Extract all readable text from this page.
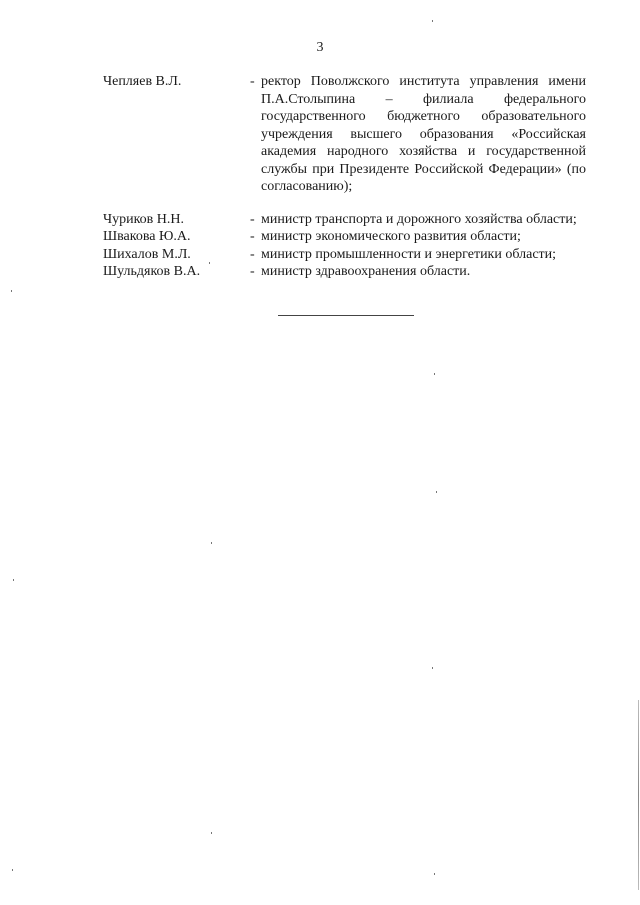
3
Чепляев В.Л.	- ректор Поволжского института управления имени П.А.Столыпина – филиала федерального государственного бюджетного образовательного учреждения высшего образования «Российская академия народного хозяйства и государственной службы при Президенте Российской Федерации» (по согласованию);
Чуриков Н.Н.	- министр транспорта и дорожного хозяйства области;
Швакова Ю.А.	- министр экономического развития области;
Шихалов М.Л.	- министр промышленности и энергетики области;
Шульдяков В.А.	- министр здравоохранения области.
